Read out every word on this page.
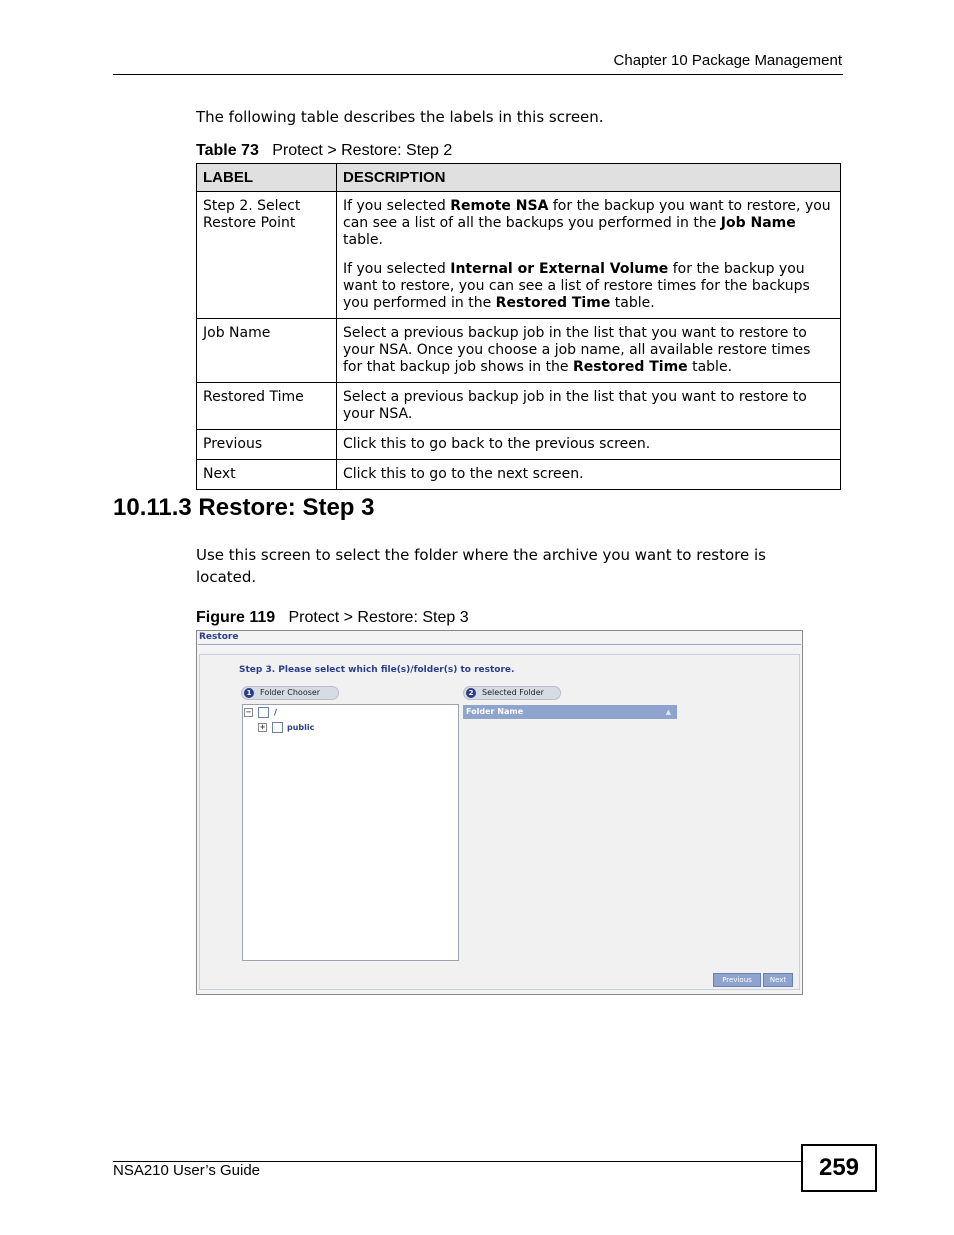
Chapter 10 Package Management
The following table describes the labels in this screen.
Table 73 Protect > Restore: Step 2
LABEL	DESCRIPTION
Step 2. Select Restore Point	If you selected Remote NSA for the backup you want to restore, you can see a list of all the backups you performed in the Job Name table.

If you selected Internal or External Volume for the backup you want to restore, you can see a list of restore times for the backups you performed in the Restored Time table.

Job Name	Select a previous backup job in the list that you want to restore to your NSA. Once you choose a job name, all available restore times for that backup job shows in the Restored Time table.

Restored Time	Select a previous backup job in the list that you want to restore to your NSA.

Previous	Click this to go back to the previous screen.

Next	Click this to go to the next screen.

10.11.3 Restore: Step 3
Use this screen to select the folder where the archive you want to restore is located.
Figure 119 Protect > Restore: Step 3
Restore
Step 3. Please select which file(s)/folder(s) to restore.
1	Folder Chooser	2	Selected Folder
−	/
+	public
Folder Name	▲
Previous	Next
NSA210 User’s Guide	259
